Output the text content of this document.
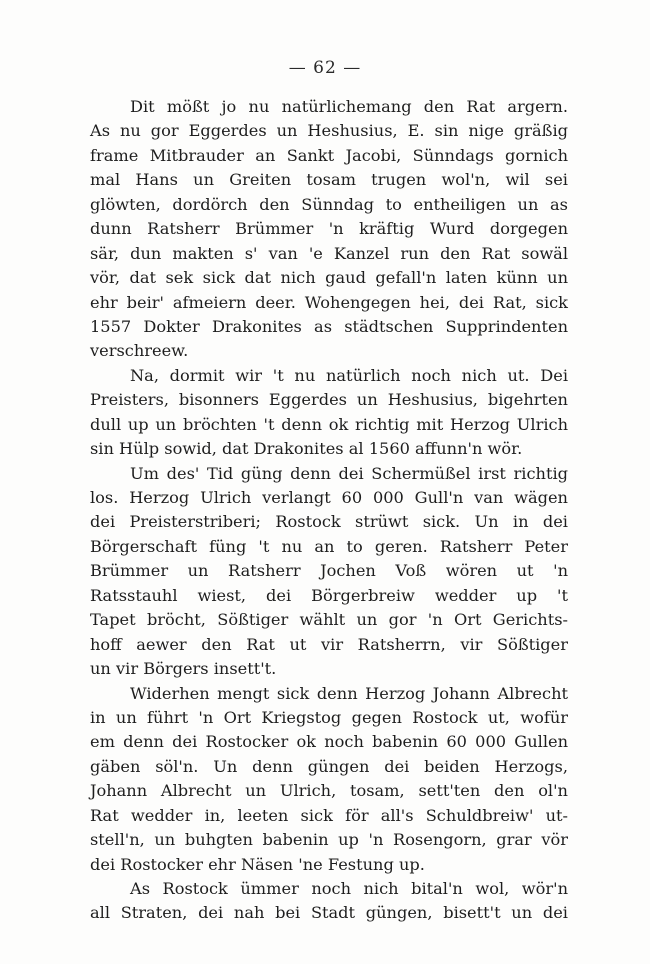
— 62 —
Dit mößt jo nu natürlichemang den Rat argern.
As nu gor Eggerdes un Heshusius, E. sin nige gräßig
frame Mitbrauder an Sankt Jacobi, Sünndags gornich
mal Hans un Greiten tosam trugen wol'n, wil sei
glöwten, dordörch den Sünndag to entheiligen un as
dunn Ratsherr Brümmer 'n kräftig Wurd dorgegen
sär, dun makten s' van 'e Kanzel run den Rat sowäl
vör, dat sek sick dat nich gaud gefall'n laten künn un
ehr beir' afmeiern deer. Wohengegen hei, dei Rat, sick
1557 Dokter Drakonites as städtschen Supprindenten
verschreew.
Na, dormit wir 't nu natürlich noch nich ut. Dei
Preisters, bisonners Eggerdes un Heshusius, bigehrten
dull up un bröchten 't denn ok richtig mit Herzog Ulrich
sin Hülp sowid, dat Drakonites al 1560 affunn'n wör.
Um des' Tid güng denn dei Schermüßel irst richtig
los. Herzog Ulrich verlangt 60 000 Gull'n van wägen
dei Preisterstriberi; Rostock strüwt sick. Un in dei
Börgerschaft füng 't nu an to geren. Ratsherr Peter
Brümmer un Ratsherr Jochen Voß wören ut 'n
Ratsstauhl wiest, dei Börgerbreiw wedder up 't
Tapet bröcht, Sößtiger wählt un gor 'n Ort Gerichts-
hoff aewer den Rat ut vir Ratsherrn, vir Sößtiger
un vir Börgers insett't.
Widerhen mengt sick denn Herzog Johann Albrecht
in un führt 'n Ort Kriegstog gegen Rostock ut, wofür
em denn dei Rostocker ok noch babenin 60 000 Gullen
gäben söl'n. Un denn güngen dei beiden Herzogs,
Johann Albrecht un Ulrich, tosam, sett'ten den ol'n
Rat wedder in, leeten sick för all's Schuldbreiw' ut-
stell'n, un buhgten babenin up 'n Rosengorn, grar vör
dei Rostocker ehr Näsen 'ne Festung up.
As Rostock ümmer noch nich bital'n wol, wör'n
all Straten, dei nah bei Stadt güngen, bisett't un dei
